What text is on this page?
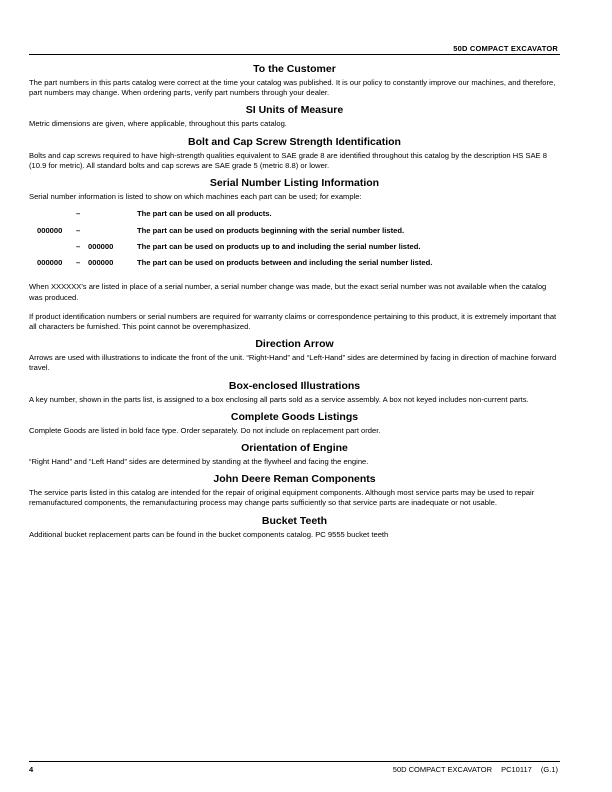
50D COMPACT EXCAVATOR
To the Customer

The part numbers in this parts catalog were correct at the time your catalog was published. It is our policy to constantly improve our machines, and therefore, part numbers may change. When ordering parts, verify part numbers through your dealer.

SI Units of Measure

Metric dimensions are given, where applicable, throughout this parts catalog.

Bolt and Cap Screw Strength Identification

Bolts and cap screws required to have high-strength qualities equivalent to SAE grade 8 are identified throughout this catalog by the description HS SAE 8 (10.9 for metric). All standard bolts and cap screws are SAE grade 5 (metric 8.8) or lower.

Serial Number Listing Information

Serial number information is listed to show on which machines each part can be used; for example:

–	The part can be used on all products.
000000 –	The part can be used on products beginning with the serial number listed.
– 000000	The part can be used on products up to and including the serial number listed.
000000 – 000000	The part can be used on products between and including the serial number listed.

When XXXXXX's are listed in place of a serial number, a serial number change was made, but the exact serial number was not available when the catalog was produced.

If product identification numbers or serial numbers are required for warranty claims or correspondence pertaining to this product, it is extremely important that all characters be furnished. This point cannot be overemphasized.

Direction Arrow

Arrows are used with illustrations to indicate the front of the unit. “Right-Hand” and “Left-Hand” sides are determined by facing in direction of machine forward travel.

Box-enclosed Illustrations

A key number, shown in the parts list, is assigned to a box enclosing all parts sold as a service assembly. A box not keyed includes non-current parts.

Complete Goods Listings

Complete Goods are listed in bold face type. Order separately. Do not include on replacement part order.

Orientation of Engine

“Right Hand” and “Left Hand” sides are determined by standing at the flywheel and facing the engine.

John Deere Reman Components

The service parts listed in this catalog are intended for the repair of original equipment components. Although most service parts may be used to repair remanufactured components, the remanufacturing process may change parts sufficiently so that service parts are inadequate or not usable.

Bucket Teeth

Additional bucket replacement parts can be found in the bucket components catalog. PC 9555 bucket teeth

4	50D COMPACT EXCAVATOR PC10117 (G.1)
